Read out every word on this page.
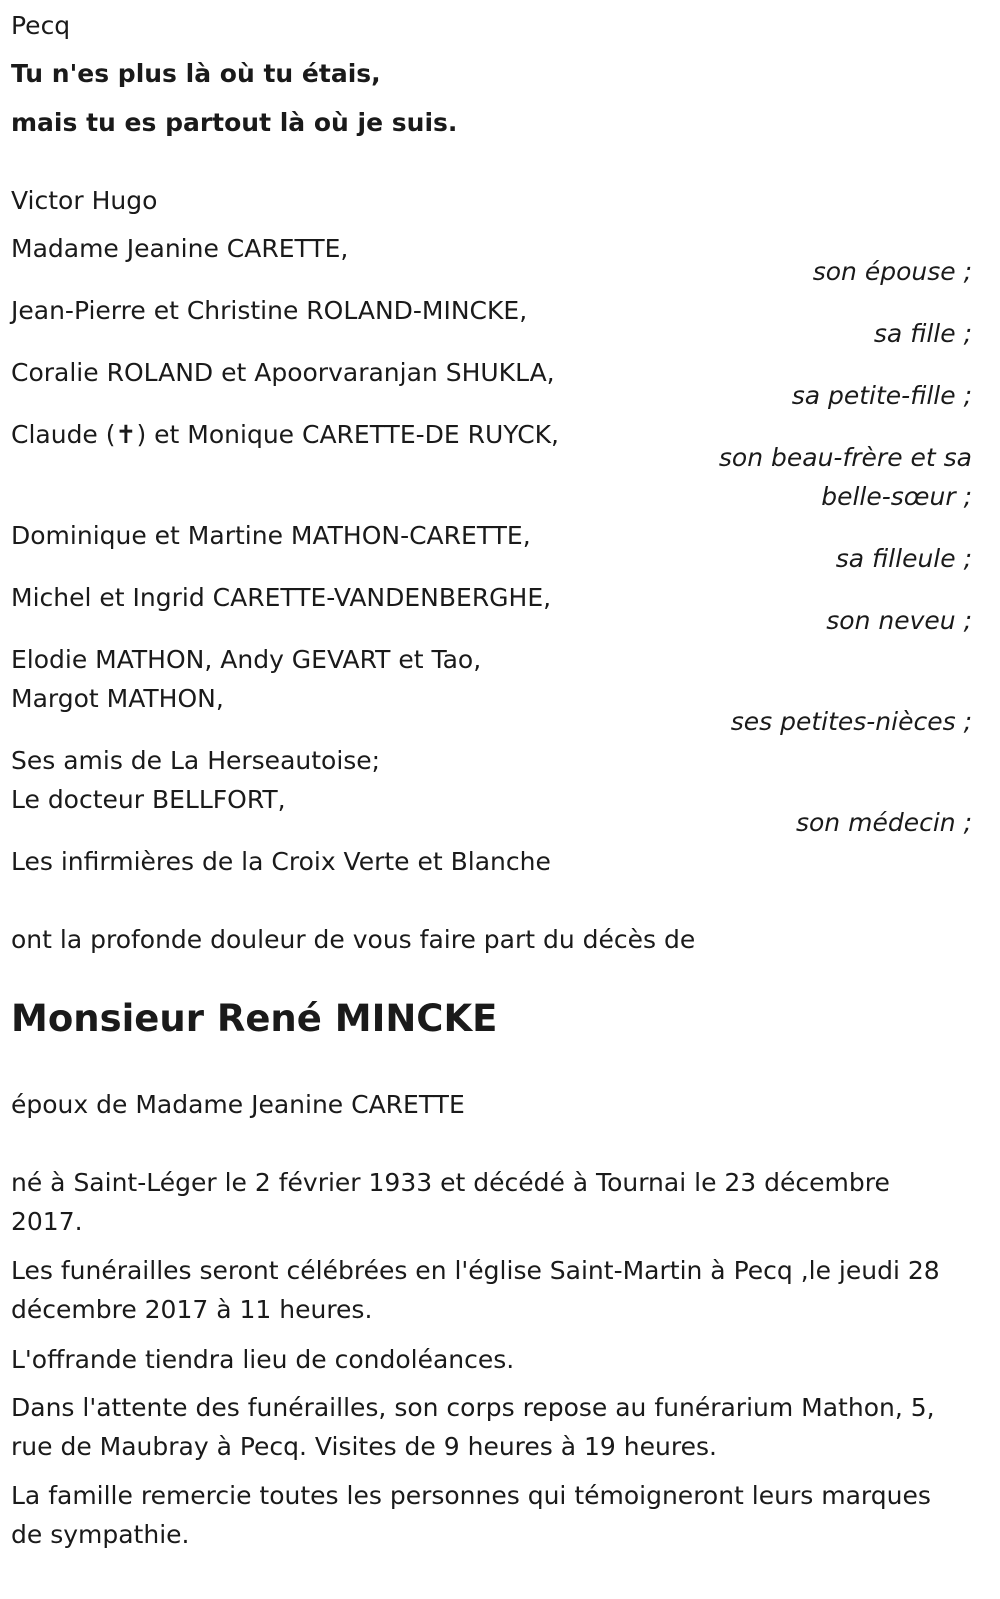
Pecq
Tu n'es plus là où tu étais,
mais tu es partout là où je suis.
Victor Hugo
Madame Jeanine CARETTE,
son épouse ;
Jean-Pierre et Christine ROLAND-MINCKE,
sa fille ;
Coralie ROLAND et Apoorvaranjan SHUKLA,
sa petite-fille ;
Claude (✝) et Monique CARETTE-DE RUYCK,
son beau-frère et sa
belle-sœur ;
Dominique et Martine MATHON-CARETTE,
sa filleule ;
Michel et Ingrid CARETTE-VANDENBERGHE,
son neveu ;
Elodie MATHON, Andy GEVART et Tao,
Margot MATHON,
ses petites-nièces ;
Ses amis de La Herseautoise;
Le docteur BELLFORT,
son médecin ;
Les infirmières de la Croix Verte et Blanche
ont la profonde douleur de vous faire part du décès de
Monsieur René MINCKE
époux de Madame Jeanine CARETTE
né à Saint-Léger le 2 février 1933 et décédé à Tournai le 23 décembre 2017.
Les funérailles seront célébrées en l'église Saint-Martin à Pecq ,le jeudi 28 décembre 2017 à 11 heures.
L'offrande tiendra lieu de condoléances.
Dans l'attente des funérailles, son corps repose au funérarium Mathon, 5, rue de Maubray à Pecq. Visites de 9 heures à 19 heures.
La famille remercie toutes les personnes qui témoigneront leurs marques de sympathie.
